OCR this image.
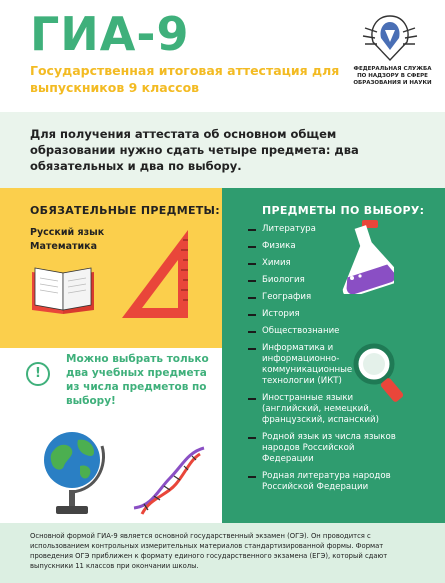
ГИА-9
Государственная итоговая аттестация для выпускников 9 классов
ФЕДЕРАЛЬНАЯ СЛУЖБА ПО НАДЗОРУ В СФЕРЕ ОБРАЗОВАНИЯ И НАУКИ
Для получения аттестата об основном общем образовании нужно сдать четыре предмета: два обязательных и два по выбору.
ОБЯЗАТЕЛЬНЫЕ ПРЕДМЕТЫ:
Русский язык
Математика
ПРЕДМЕТЫ ПО ВЫБОРУ:
Литература
Физика
Химия
Биология
География
История
Обществознание
Информатика и информационно-коммуникационные технологии (ИКТ)
Иностранные языки (английский, немецкий, французский, испанский)
Родной язык из числа языков народов Российской Федерации
Родная литература народов Российской Федерации
!
Можно выбрать только два учебных предмета из числа предметов по выбору!
Основной формой ГИА-9 является основной государственный экзамен (ОГЭ). Он проводится с использованием контрольных измерительных материалов стандартизированной формы. Формат проведения ОГЭ приближен к формату единого государственного экзамена (ЕГЭ), который сдают выпускники 11 классов при окончании школы.
